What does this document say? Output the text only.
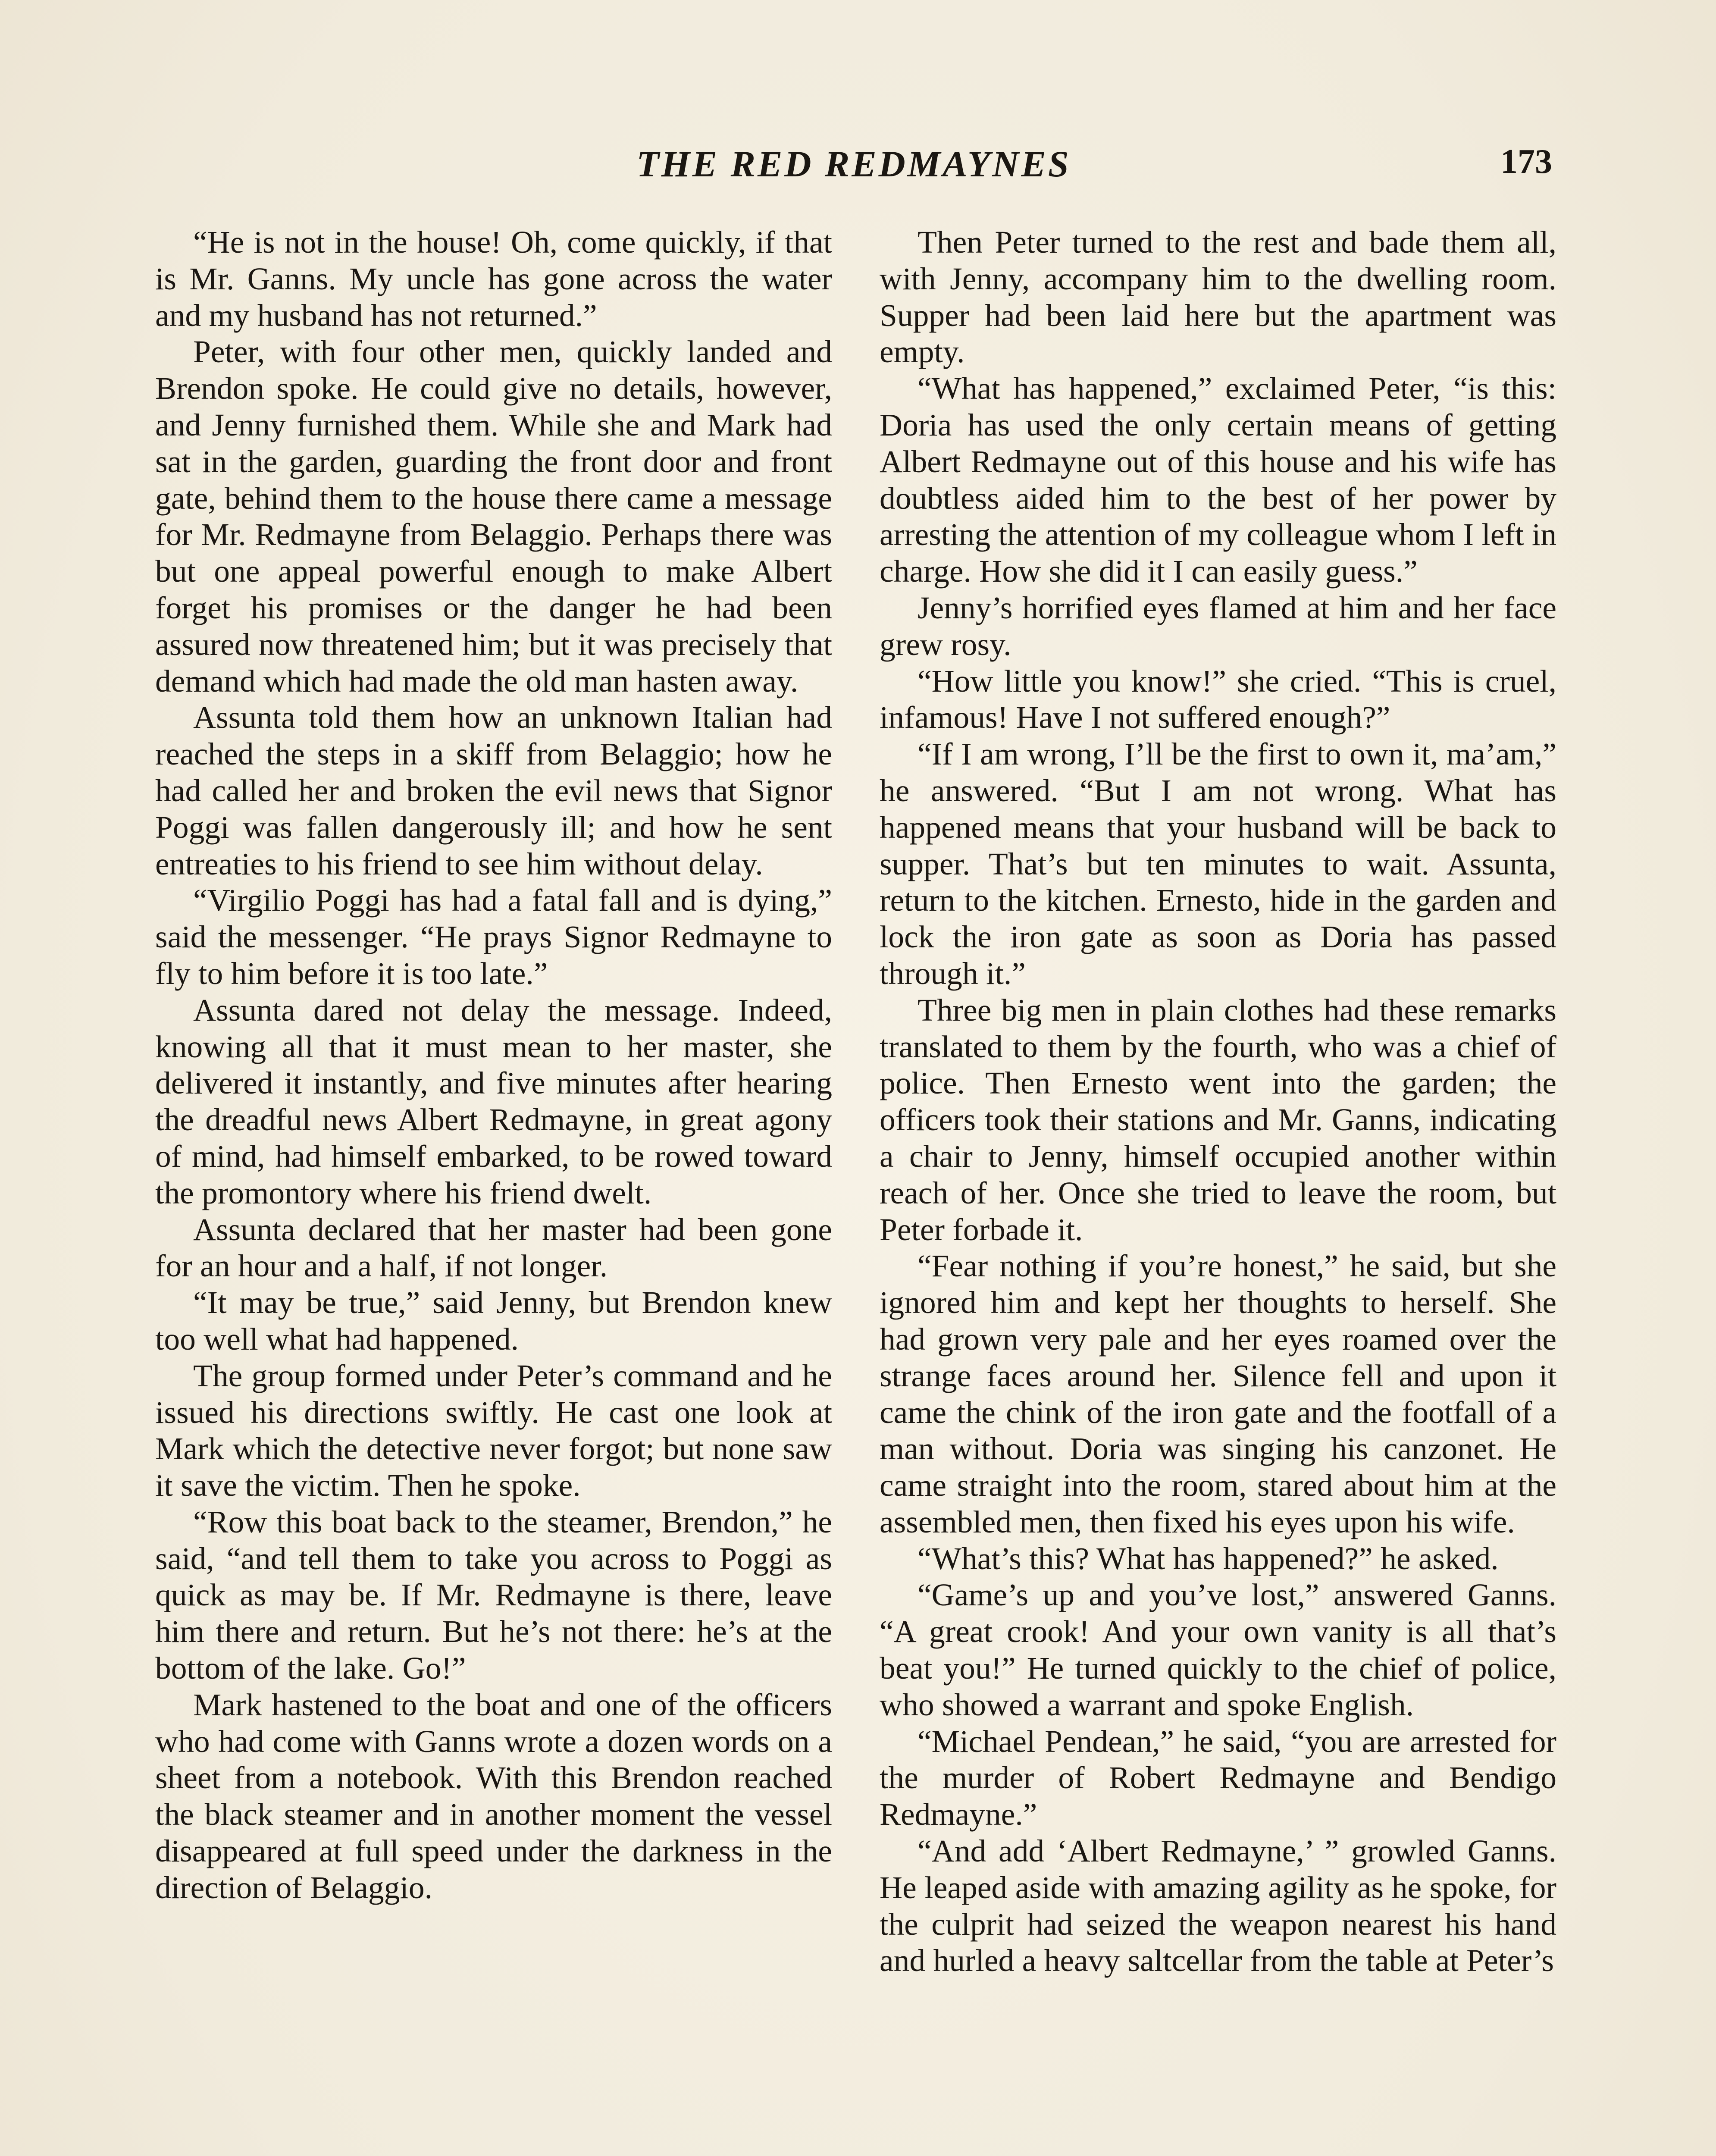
THE RED REDMAYNES	173

“He is not in the house! Oh, come quickly, if that is Mr. Ganns. My uncle has gone across the water and my husband has not returned.”

Peter, with four other men, quickly landed and Brendon spoke. He could give no details, however, and Jenny furnished them. While she and Mark had sat in the garden, guarding the front door and front gate, behind them to the house there came a message for Mr. Redmayne from Belaggio. Perhaps there was but one appeal powerful enough to make Albert forget his promises or the danger he had been assured now threatened him; but it was precisely that demand which had made the old man hasten away.

Assunta told them how an unknown Italian had reached the steps in a skiff from Belaggio; how he had called her and broken the evil news that Signor Poggi was fallen dangerously ill; and how he sent entreaties to his friend to see him without delay.

“Virgilio Poggi has had a fatal fall and is dying,” said the messenger. “He prays Signor Redmayne to fly to him before it is too late.”

Assunta dared not delay the message. Indeed, knowing all that it must mean to her master, she delivered it instantly, and five minutes after hearing the dreadful news Albert Redmayne, in great agony of mind, had himself embarked, to be rowed toward the promontory where his friend dwelt.

Assunta declared that her master had been gone for an hour and a half, if not longer.

“It may be true,” said Jenny, but Brendon knew too well what had happened.

The group formed under Peter’s command and he issued his directions swiftly. He cast one look at Mark which the detective never forgot; but none saw it save the victim. Then he spoke.

“Row this boat back to the steamer, Brendon,” he said, “and tell them to take you across to Poggi as quick as may be. If Mr. Redmayne is there, leave him there and return. But he’s not there: he’s at the bottom of the lake. Go!”

Mark hastened to the boat and one of the officers who had come with Ganns wrote a dozen words on a sheet from a notebook. With this Brendon reached the black steamer and in another moment the vessel disappeared at full speed under the darkness in the direction of Belaggio.

Then Peter turned to the rest and bade them all, with Jenny, accompany him to the dwelling room. Supper had been laid here but the apartment was empty.

“What has happened,” exclaimed Peter, “is this: Doria has used the only certain means of getting Albert Redmayne out of this house and his wife has doubtless aided him to the best of her power by arresting the attention of my colleague whom I left in charge. How she did it I can easily guess.”

Jenny’s horrified eyes flamed at him and her face grew rosy.

“How little you know!” she cried. “This is cruel, infamous! Have I not suffered enough?”

“If I am wrong, I’ll be the first to own it, ma’am,” he answered. “But I am not wrong. What has happened means that your husband will be back to supper. That’s but ten minutes to wait. Assunta, return to the kitchen. Ernesto, hide in the garden and lock the iron gate as soon as Doria has passed through it.”

Three big men in plain clothes had these remarks translated to them by the fourth, who was a chief of police. Then Ernesto went into the garden; the officers took their stations and Mr. Ganns, indicating a chair to Jenny, himself occupied another within reach of her. Once she tried to leave the room, but Peter forbade it.

“Fear nothing if you’re honest,” he said, but she ignored him and kept her thoughts to herself. She had grown very pale and her eyes roamed over the strange faces around her. Silence fell and upon it came the chink of the iron gate and the footfall of a man without. Doria was singing his canzonet. He came straight into the room, stared about him at the assembled men, then fixed his eyes upon his wife.

“What’s this? What has happened?” he asked.

“Game’s up and you’ve lost,” answered Ganns. “A great crook! And your own vanity is all that’s beat you!” He turned quickly to the chief of police, who showed a warrant and spoke English.

“Michael Pendean,” he said, “you are arrested for the murder of Robert Redmayne and Bendigo Redmayne.”

“And add ‘Albert Redmayne,’ ” growled Ganns. He leaped aside with amazing agility as he spoke, for the culprit had seized the weapon nearest his hand and hurled a heavy saltcellar from the table at Peter’s
